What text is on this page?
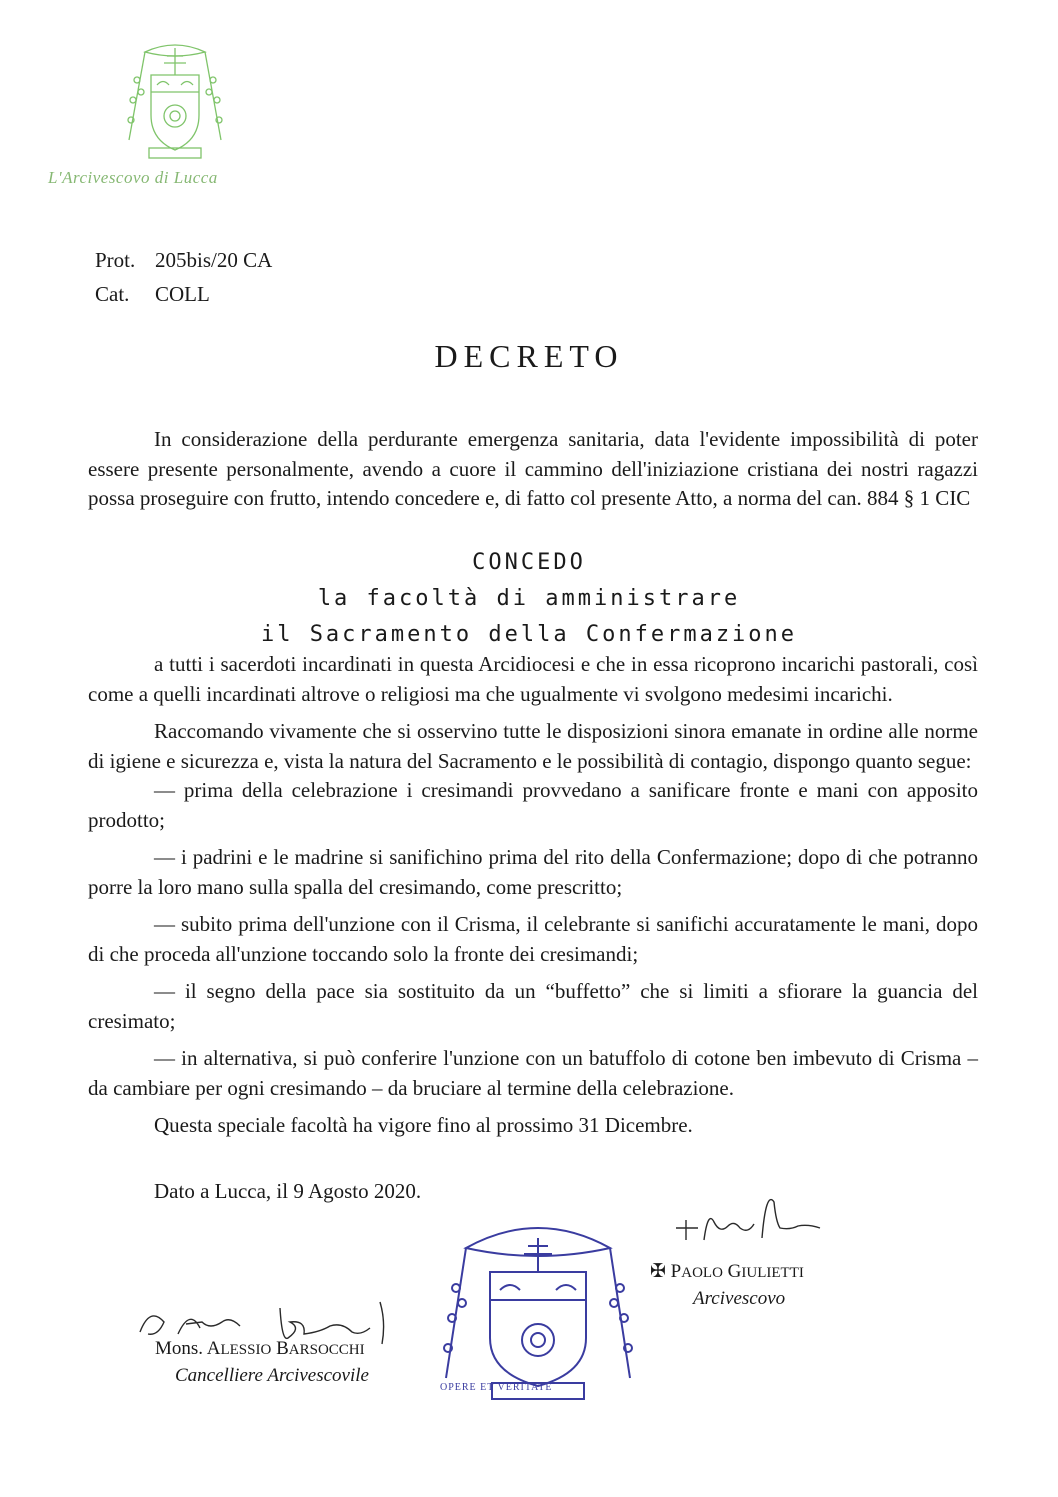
L'Arcivescovo di Lucca
Prot. 205bis/20 CA
Cat. COLL
DECRETO

In considerazione della perdurante emergenza sanitaria, data l'evidente impossibilità di poter essere presente personalmente, avendo a cuore il cammino dell'iniziazione cristiana dei nostri ragazzi possa proseguire con frutto, intendo concedere e, di fatto col presente Atto, a norma del can. 884 § 1 CIC

CONCEDO
la facoltà di amministrare
il Sacramento della Confermazione

a tutti i sacerdoti incardinati in questa Arcidiocesi e che in essa ricoprono incarichi pastorali, così come a quelli incardinati altrove o religiosi ma che ugualmente vi svolgono medesimi incarichi.

Raccomando vivamente che si osservino tutte le disposizioni sinora emanate in ordine alle norme di igiene e sicurezza e, vista la natura del Sacramento e le possibilità di contagio, dispongo quanto segue:

— prima della celebrazione i cresimandi provvedano a sanificare fronte e mani con apposito prodotto;

— i padrini e le madrine si sanifichino prima del rito della Confermazione; dopo di che potranno porre la loro mano sulla spalla del cresimando, come prescritto;

— subito prima dell'unzione con il Crisma, il celebrante si sanifichi accuratamente le mani, dopo di che proceda all'unzione toccando solo la fronte dei cresimandi;

— il segno della pace sia sostituito da un “buffetto” che si limiti a sfiorare la guancia del cresimato;

— in alternativa, si può conferire l'unzione con un batuffolo di cotone ben imbevuto di Crisma – da cambiare per ogni cresimando – da bruciare al termine della celebrazione.

Questa speciale facoltà ha vigore fino al prossimo 31 Dicembre.

Dato a Lucca, il 9 Agosto 2020.

OPERE ET VERITATE
✠ PAOLO GIULIETTI
Arcivescovo
Mons. ALESSIO BARSOCCHI
Cancelliere Arcivescovile
